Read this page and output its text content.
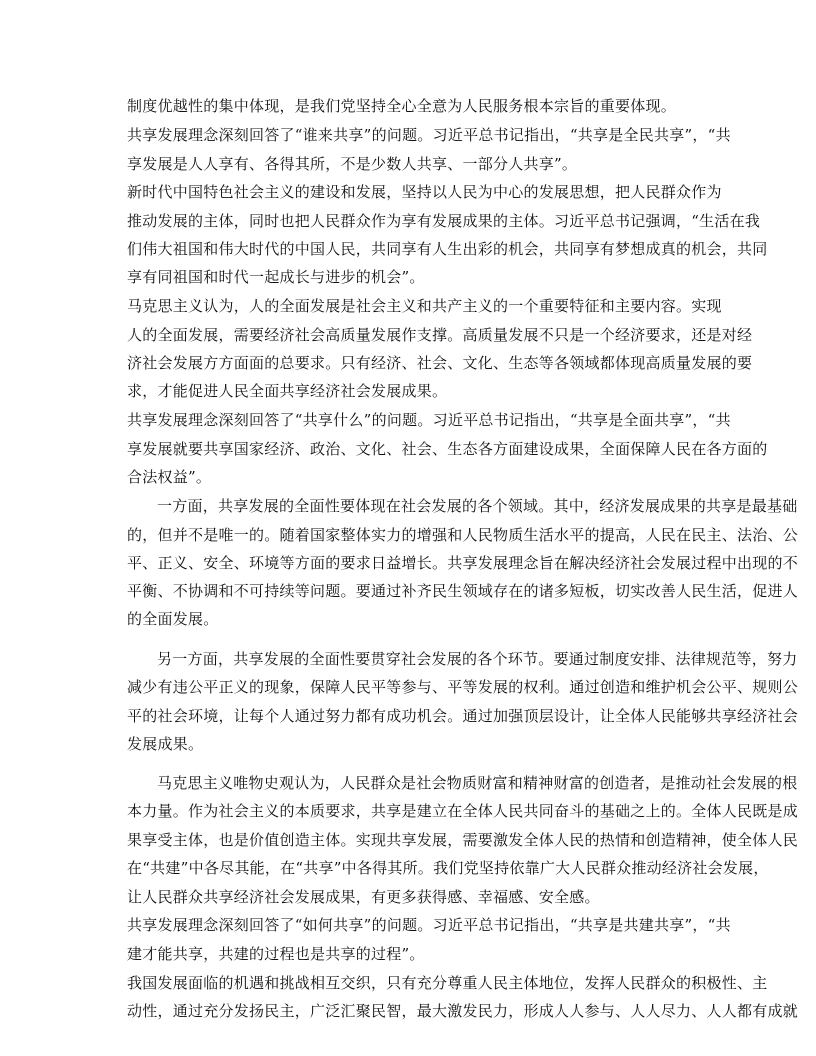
制度优越性的集中体现，是我们党坚持全心全意为人民服务根本宗旨的重要体现。
共享发展理念深刻回答了“谁来共享”的问题。习近平总书记指出，“共享是全民共享”，“共
享发展是人人享有、各得其所，不是少数人共享、一部分人共享”。
新时代中国特色社会主义的建设和发展，坚持以人民为中心的发展思想，把人民群众作为
推动发展的主体，同时也把人民群众作为享有发展成果的主体。习近平总书记强调，“生活在我
们伟大祖国和伟大时代的中国人民，共同享有人生出彩的机会，共同享有梦想成真的机会，共同
享有同祖国和时代一起成长与进步的机会”。
马克思主义认为，人的全面发展是社会主义和共产主义的一个重要特征和主要内容。实现
人的全面发展，需要经济社会高质量发展作支撑。高质量发展不只是一个经济要求，还是对经
济社会发展方方面面的总要求。只有经济、社会、文化、生态等各领域都体现高质量发展的要
求，才能促进人民全面共享经济社会发展成果。
共享发展理念深刻回答了“共享什么”的问题。习近平总书记指出，“共享是全面共享”，“共
享发展就要共享国家经济、政治、文化、社会、生态各方面建设成果，全面保障人民在各方面的
合法权益”。
一方面，共享发展的全面性要体现在社会发展的各个领域。其中，经济发展成果的共享是最基础
的，但并不是唯一的。随着国家整体实力的增强和人民物质生活水平的提高，人民在民主、法治、公
平、正义、安全、环境等方面的要求日益增长。共享发展理念旨在解决经济社会发展过程中出现的不
平衡、不协调和不可持续等问题。要通过补齐民生领域存在的诸多短板，切实改善人民生活，促进人
的全面发展。
另一方面，共享发展的全面性要贯穿社会发展的各个环节。要通过制度安排、法律规范等，努力
减少有违公平正义的现象，保障人民平等参与、平等发展的权利。通过创造和维护机会公平、规则公
平的社会环境，让每个人通过努力都有成功机会。通过加强顶层设计，让全体人民能够共享经济社会
发展成果。
马克思主义唯物史观认为，人民群众是社会物质财富和精神财富的创造者，是推动社会发展的根
本力量。作为社会主义的本质要求，共享是建立在全体人民共同奋斗的基础之上的。全体人民既是成
果享受主体，也是价值创造主体。实现共享发展，需要激发全体人民的热情和创造精神，使全体人民
在“共建”中各尽其能，在“共享”中各得其所。我们党坚持依靠广大人民群众推动经济社会发展，
让人民群众共享经济社会发展成果，有更多获得感、幸福感、安全感。
共享发展理念深刻回答了“如何共享”的问题。习近平总书记指出，“共享是共建共享”，“共
建才能共享，共建的过程也是共享的过程”。
我国发展面临的机遇和挑战相互交织，只有充分尊重人民主体地位，发挥人民群众的积极性、主
动性，通过充分发扬民主，广泛汇聚民智，最大激发民力，形成人人参与、人人尽力、人人都有成就
